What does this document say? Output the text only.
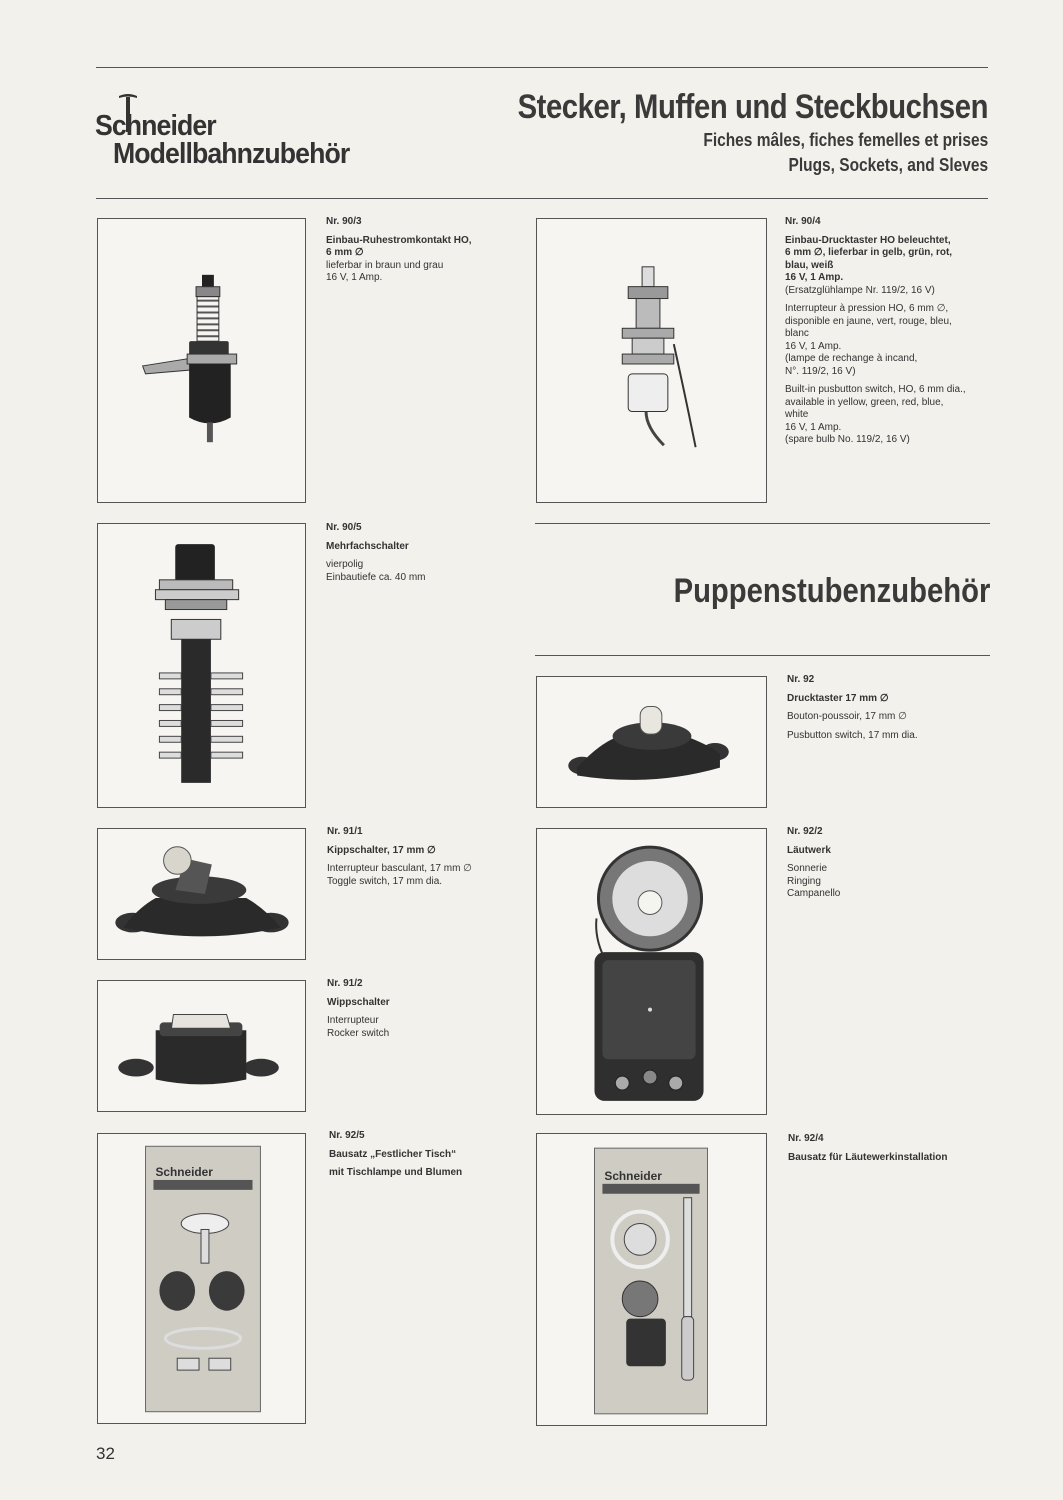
Schneider
Modellbahnzubehör
Stecker, Muffen und Steckbuchsen
Fiches mâles, fiches femelles et prises
Plugs, Sockets, and Sleves
Nr. 90/3
Einbau-Ruhestromkontakt HO,
6 mm ∅
lieferbar in braun und grau
16 V, 1 Amp.
Nr. 90/4
Einbau-Drucktaster HO beleuchtet,
6 mm ∅, lieferbar in gelb, grün, rot,
blau, weiß
16 V, 1 Amp.
(Ersatzglühlampe Nr. 119/2, 16 V)
Interrupteur à pression HO, 6 mm ∅,
disponible en jaune, vert, rouge, bleu,
blanc
16 V, 1 Amp.
(lampe de rechange à incand,
N°. 119/2, 16 V)
Built-in pusbutton switch, HO, 6 mm dia.,
available in yellow, green, red, blue,
white
16 V, 1 Amp.
(spare bulb No. 119/2, 16 V)
Nr. 90/5
Mehrfachschalter
vierpolig
Einbautiefe ca. 40 mm	Puppenstubenzubehör
Nr. 92
Drucktaster 17 mm ∅
Bouton-poussoir, 17 mm ∅
Pusbutton switch, 17 mm dia.
Nr. 91/1
Kippschalter, 17 mm ∅
Interrupteur basculant, 17 mm ∅
Toggle switch, 17 mm dia.
Nr. 92/2
Läutwerk
Sonnerie
Ringing
Campanello
Nr. 91/2
Wippschalter
Interrupteur
Rocker switch
Schneider
Nr. 92/5
Bausatz „Festlicher Tisch“
mit Tischlampe und Blumen	Schneider
Nr. 92/4
Bausatz für Läutewerkinstallation
32
